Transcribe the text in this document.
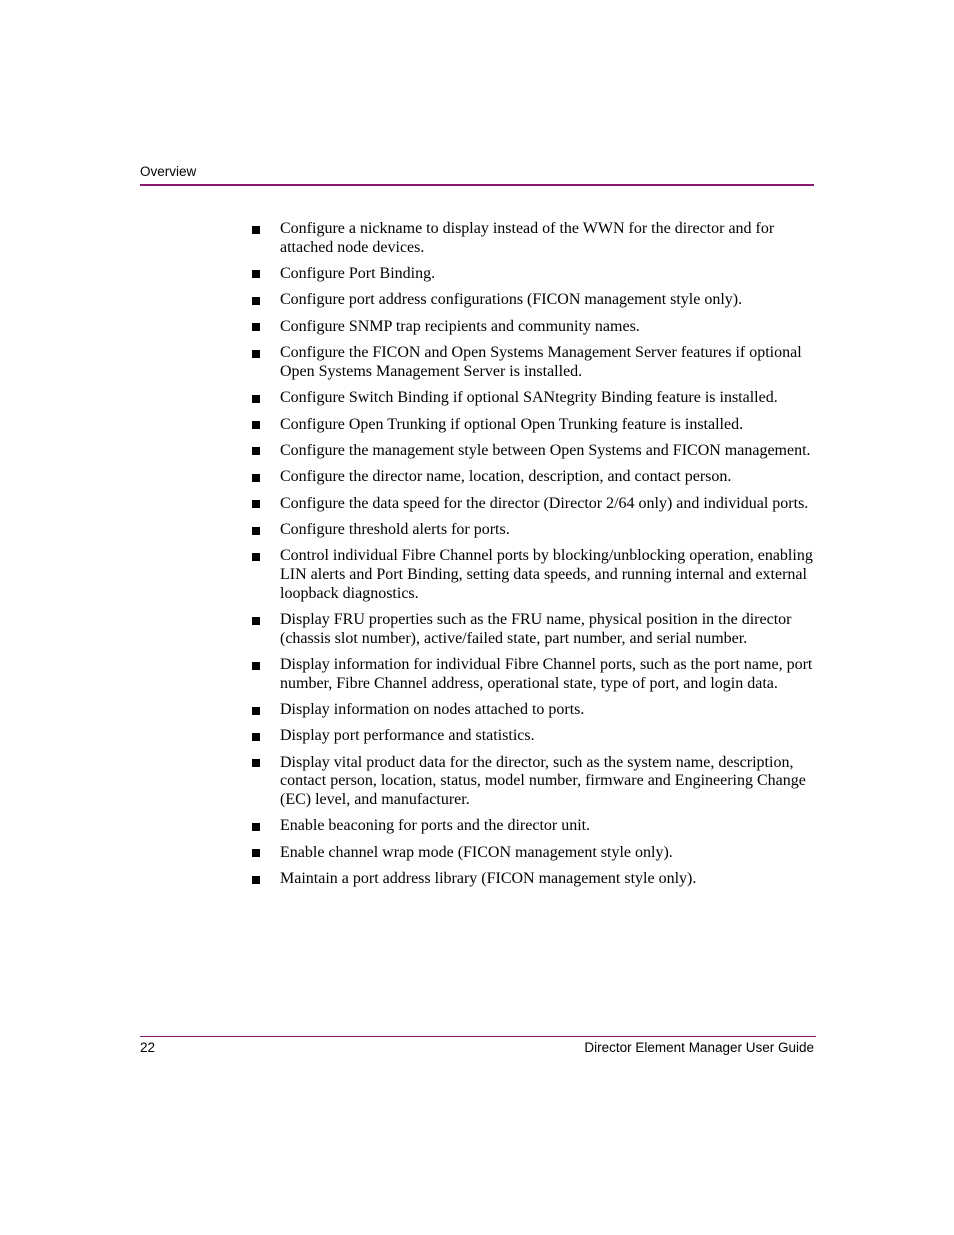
Overview
Configure a nickname to display instead of the WWN for the director and for attached node devices.
Configure Port Binding.
Configure port address configurations (FICON management style only).
Configure SNMP trap recipients and community names.
Configure the FICON and Open Systems Management Server features if optional Open Systems Management Server is installed.
Configure Switch Binding if optional SANtegrity Binding feature is installed.
Configure Open Trunking if optional Open Trunking feature is installed.
Configure the management style between Open Systems and FICON management.
Configure the director name, location, description, and contact person.
Configure the data speed for the director (Director 2/64 only) and individual ports.
Configure threshold alerts for ports.
Control individual Fibre Channel ports by blocking/unblocking operation, enabling LIN alerts and Port Binding, setting data speeds, and running internal and external loopback diagnostics.
Display FRU properties such as the FRU name, physical position in the director (chassis slot number), active/failed state, part number, and serial number.
Display information for individual Fibre Channel ports, such as the port name, port number, Fibre Channel address, operational state, type of port, and login data.
Display information on nodes attached to ports.
Display port performance and statistics.
Display vital product data for the director, such as the system name, description, contact person, location, status, model number, firmware and Engineering Change (EC) level, and manufacturer.
Enable beaconing for ports and the director unit.
Enable channel wrap mode (FICON management style only).
Maintain a port address library (FICON management style only).
22	Director Element Manager User Guide
